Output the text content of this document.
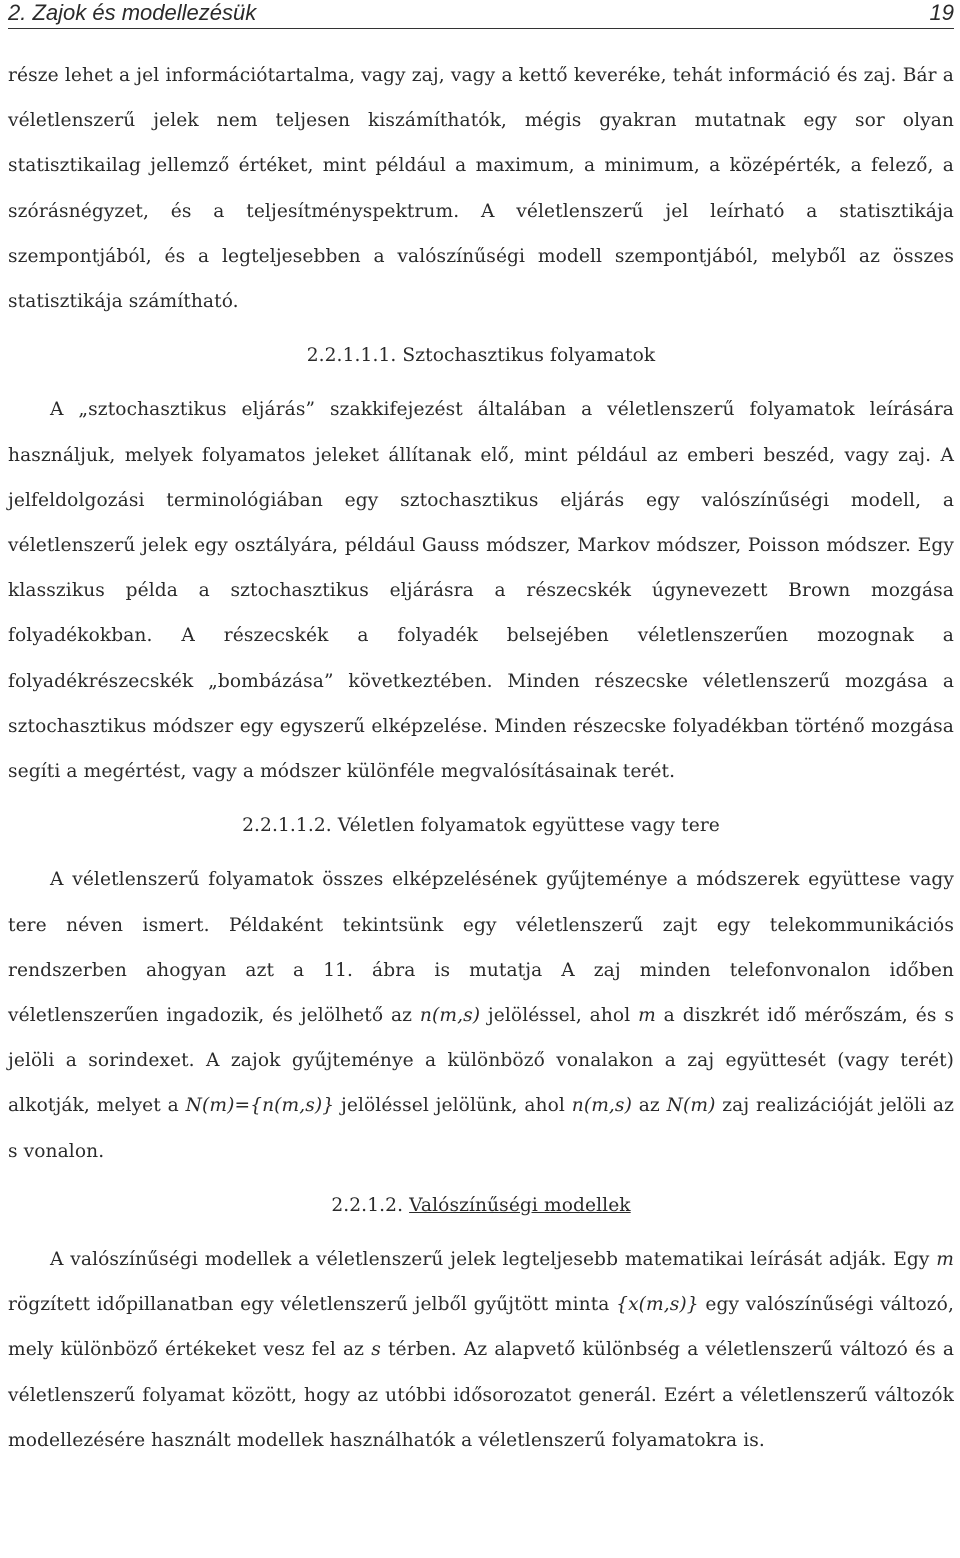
2. Zajok és modellezésük	19

része lehet a jel információtartalma, vagy zaj, vagy a kettő keveréke, tehát információ és zaj. Bár a véletlenszerű jelek nem teljesen kiszámíthatók, mégis gyakran mutatnak egy sor olyan statisztikailag jellemző értéket, mint például a maximum, a minimum, a középérték, a felező, a szórásnégyzet, és a teljesítményspektrum. A véletlenszerű jel leírható a statisztikája szempontjából, és a legteljesebben a valószínűségi modell szempontjából, melyből az összes statisztikája számítható.

2.2.1.1.1. Sztochasztikus folyamatok

A „sztochasztikus eljárás” szakkifejezést általában a véletlenszerű folyamatok leírására használjuk, melyek folyamatos jeleket állítanak elő, mint például az emberi beszéd, vagy zaj. A jelfeldolgozási terminológiában egy sztochasztikus eljárás egy valószínűségi modell, a véletlenszerű jelek egy osztályára, például Gauss módszer, Markov módszer, Poisson módszer. Egy klasszikus példa a sztochasztikus eljárásra a részecskék úgynevezett Brown mozgása folyadékokban. A részecskék a folyadék belsejében véletlenszerűen mozognak a folyadékrészecskék „bombázása” következtében. Minden részecske véletlenszerű mozgása a sztochasztikus módszer egy egyszerű elképzelése. Minden részecske folyadékban történő mozgása segíti a megértést, vagy a módszer különféle megvalósításainak terét.

2.2.1.1.2. Véletlen folyamatok együttese vagy tere

A véletlenszerű folyamatok összes elképzelésének gyűjteménye a módszerek együttese vagy tere néven ismert. Példaként tekintsünk egy véletlenszerű zajt egy telekommunikációs rendszerben ahogyan azt a 11. ábra is mutatja A zaj minden telefonvonalon időben véletlenszerűen ingadozik, és jelölhető az n(m,s) jelöléssel, ahol m a diszkrét idő mérőszám, és s jelöli a sorindexet. A zajok gyűjteménye a különböző vonalakon a zaj együttesét (vagy terét) alkotják, melyet a N(m)={n(m,s)} jelöléssel jelölünk, ahol n(m,s) az N(m) zaj realizációját jelöli az s vonalon.

2.2.1.2. Valószínűségi modellek

A valószínűségi modellek a véletlenszerű jelek legteljesebb matematikai leírását adják. Egy m rögzített időpillanatban egy véletlenszerű jelből gyűjtött minta {x(m,s)} egy valószínűségi változó, mely különböző értékeket vesz fel az s térben. Az alapvető különbség a véletlenszerű változó és a véletlenszerű folyamat között, hogy az utóbbi idősorozatot generál. Ezért a véletlenszerű változók modellezésére használt modellek használhatók a véletlenszerű folyamatokra is.
